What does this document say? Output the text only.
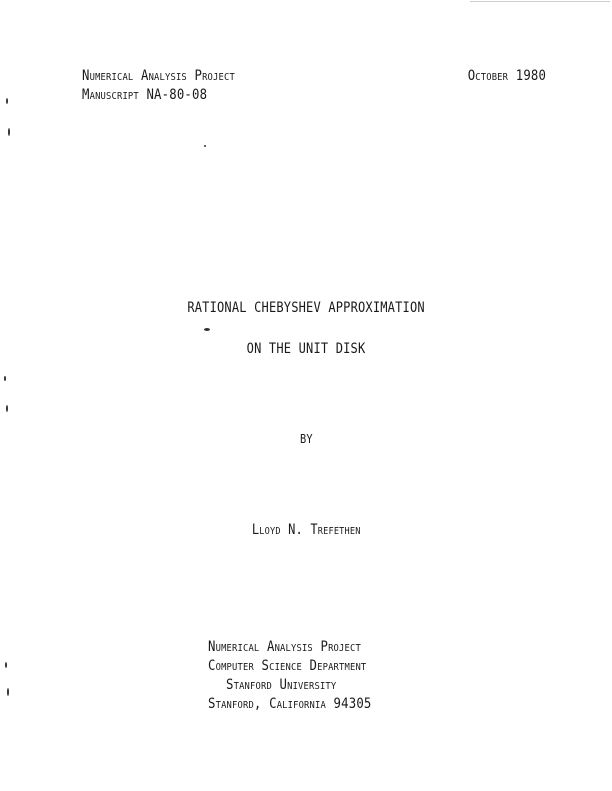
Numerical Analysis Project
Manuscript NA-80-08
October 1980
RATIONAL CHEBYSHEV APPROXIMATION
ON THE UNIT DISK
BY
Lloyd N. Trefethen
Numerical Analysis Project
Computer Science Department
Stanford University
Stanford, California 94305
